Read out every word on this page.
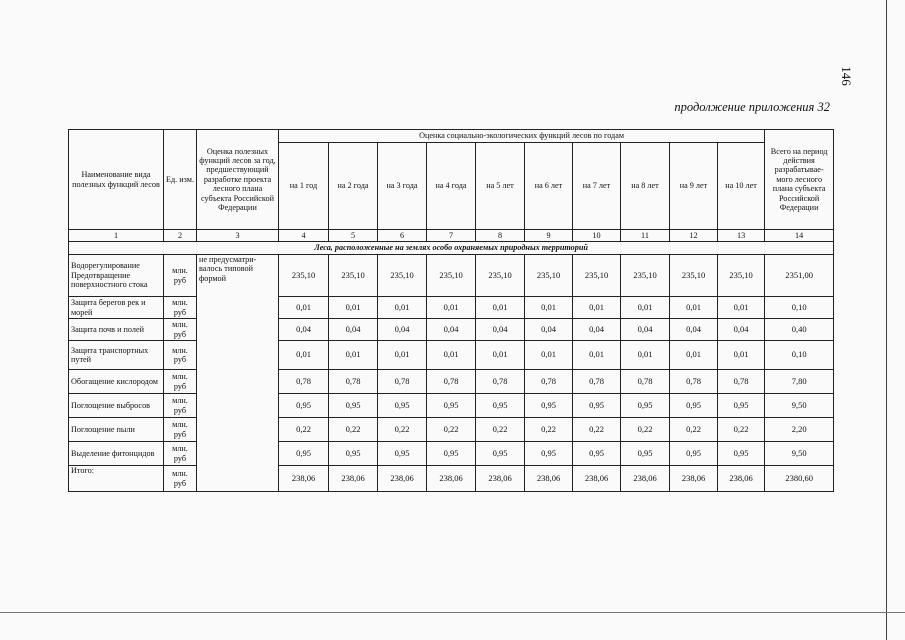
146
продолжение приложения 32
Наименование вида полезных функций лесов	Ед. изм.	Оценка полезных функций лесов за год, предшествующий разработке проекта лесного плана субъекта Российской Федерации	Оценка социально-экологических функций лесов по годам										Всего на период действия разрабатывае-мого лесного плана субъекта Российской Федерации
			на 1 год	на 2 года	на 3 года	на 4 года	на 5 лет	на 6 лет	на 7 лет	на 8 лет	на 9 лет	на 10 лет	
1	2	3	4	5	6	7	8	9	10	11	12	13	14
Леса, расположенные на землях особо охраняемых природных территорий													
Водорегулирование Предотвращение поверхностного стока	млн. руб	не предусматри-валось типовой формой	235,10	235,10	235,10	235,10	235,10	235,10	235,10	235,10	235,10	235,10	2351,00
Защита берегов рек и морей	млн. руб		0,01	0,01	0,01	0,01	0,01	0,01	0,01	0,01	0,01	0,01	0,10
Защита почв и полей	млн. руб		0,04	0,04	0,04	0,04	0,04	0,04	0,04	0,04	0,04	0,04	0,40
Защита транспортных путей	млн. руб		0,01	0,01	0,01	0,01	0,01	0,01	0,01	0,01	0,01	0,01	0,10
Обогащение кислородом	млн. руб		0,78	0,78	0,78	0,78	0,78	0,78	0,78	0,78	0,78	0,78	7,80
Поглощение выбросов	млн. руб		0,95	0,95	0,95	0,95	0,95	0,95	0,95	0,95	0,95	0,95	9,50
Поглощение пыли	млн. руб		0,22	0,22	0,22	0,22	0,22	0,22	0,22	0,22	0,22	0,22	2,20
Выделение фитонцидов	млн. руб		0,95	0,95	0,95	0,95	0,95	0,95	0,95	0,95	0,95	0,95	9,50
Итого:	млн. руб		238,06	238,06	238,06	238,06	238,06	238,06	238,06	238,06	238,06	238,06	2380,60
